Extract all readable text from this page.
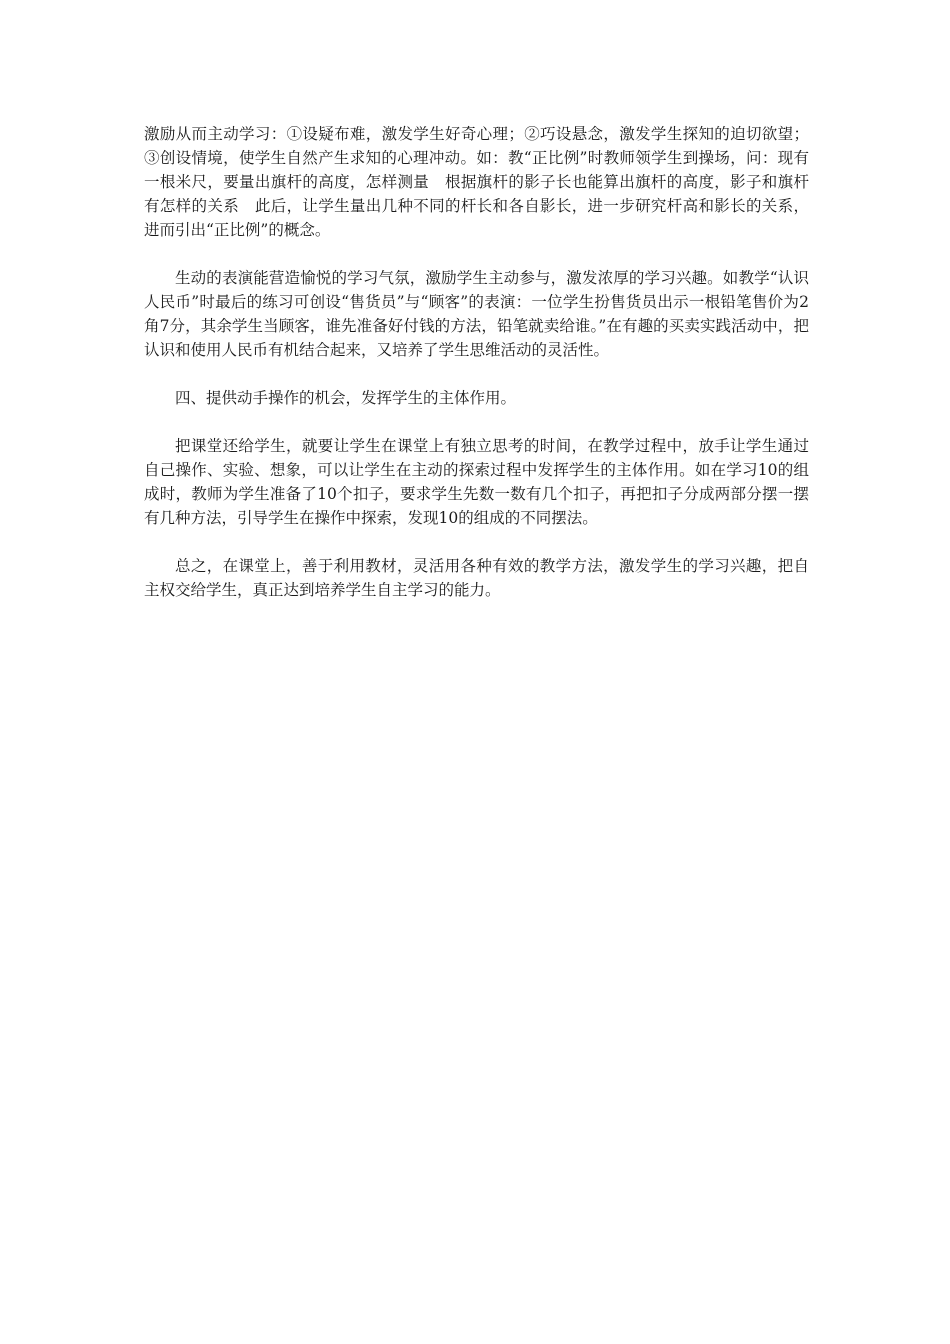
激励从而主动学习：①设疑布难，激发学生好奇心理；②巧设悬念，激发学生探知的迫切欲望；③创设情境，使学生自然产生求知的心理冲动。如：教“正比例”时教师领学生到操场，问：现有一根米尺，要量出旗杆的高度，怎样测量　根据旗杆的影子长也能算出旗杆的高度，影子和旗杆有怎样的关系　此后，让学生量出几种不同的杆长和各自影长，进一步研究杆高和影长的关系，进而引出“正比例”的概念。

生动的表演能营造愉悦的学习气氛，激励学生主动参与，激发浓厚的学习兴趣。如教学“认识人民币”时最后的练习可创设“售货员”与“顾客”的表演：一位学生扮售货员出示一根铅笔售价为2角7分，其余学生当顾客，谁先准备好付钱的方法，铅笔就卖给谁。”在有趣的买卖实践活动中，把认识和使用人民币有机结合起来，又培养了学生思维活动的灵活性。

四、提供动手操作的机会，发挥学生的主体作用。

把课堂还给学生，就要让学生在课堂上有独立思考的时间，在教学过程中，放手让学生通过自己操作、实验、想象，可以让学生在主动的探索过程中发挥学生的主体作用。如在学习10的组成时，教师为学生准备了10个扣子，要求学生先数一数有几个扣子，再把扣子分成两部分摆一摆有几种方法，引导学生在操作中探索，发现10的组成的不同摆法。

总之，在课堂上，善于利用教材，灵活用各种有效的教学方法，激发学生的学习兴趣，把自主权交给学生，真正达到培养学生自主学习的能力。
